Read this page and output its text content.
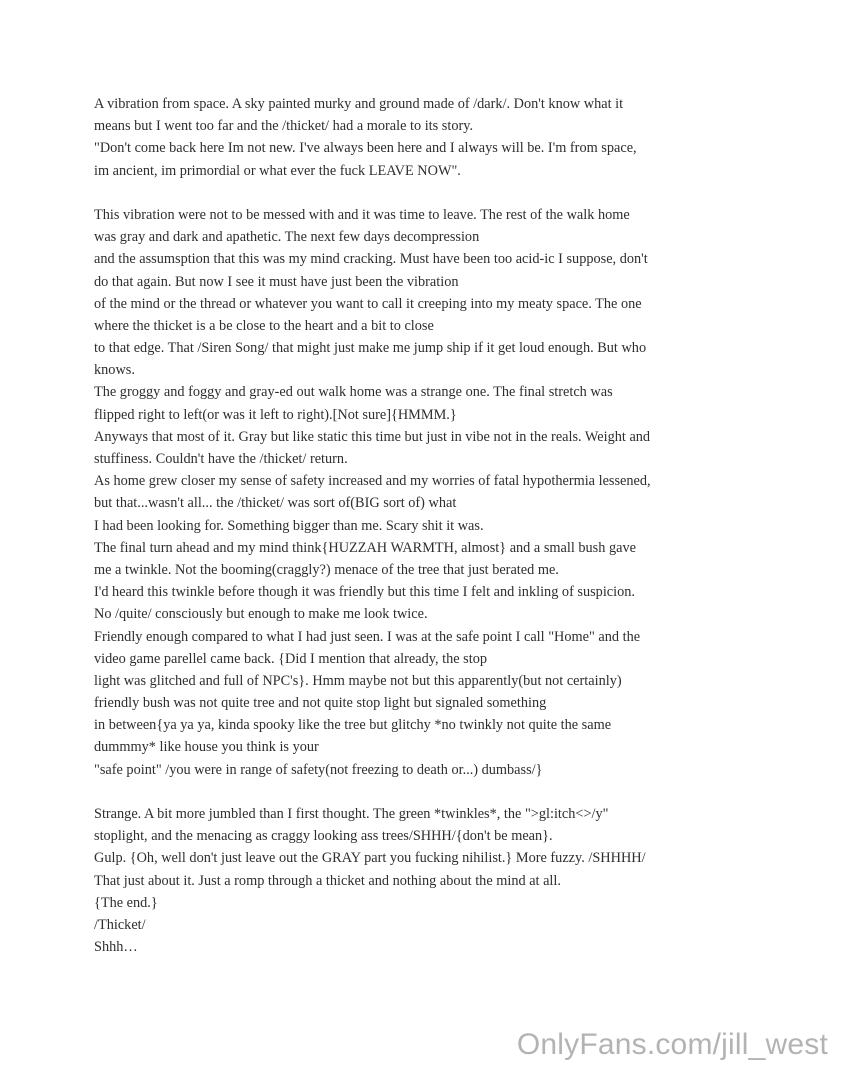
A vibration from space. A sky painted murky and ground made of /dark/. Don't know what it
means but I went too far and the /thicket/ had a morale to its story.
"Don't come back here Im not new. I've always been here and I always will be. I'm from space,
im ancient, im primordial or what ever the fuck LEAVE NOW".
This vibration were not to be messed with and it was time to leave. The rest of the walk home
was gray and dark and apathetic. The next few days decompression
and the assumsption that this was my mind cracking. Must have been too acid-ic I suppose, don't
do that again. But now I see it must have just been the vibration
of the mind or the thread or whatever you want to call it creeping into my meaty space. The one
where the thicket is a be close to the heart and a bit to close
to that edge. That /Siren Song/ that might just make me jump ship if it get loud enough. But who
knows.
The groggy and foggy and gray-ed out walk home was a strange one. The final stretch was
flipped right to left(or was it left to right).[Not sure]{HMMM.}
Anyways that most of it. Gray but like static this time but just in vibe not in the reals. Weight and
stuffiness. Couldn't have the /thicket/ return.
As home grew closer my sense of safety increased and my worries of fatal hypothermia lessened,
but that...wasn't all... the /thicket/ was sort of(BIG sort of) what
I had been looking for. Something bigger than me. Scary shit it was.
The final turn ahead and my mind think{HUZZAH WARMTH, almost} and a small bush gave
me a twinkle. Not the booming(craggly?) menace of the tree that just berated me.
I'd heard this twinkle before though it was friendly but this time I felt and inkling of suspicion.
No /quite/ consciously but enough to make me look twice.
Friendly enough compared to what I had just seen. I was at the safe point I call "Home" and the
video game parellel came back. {Did I mention that already, the stop
light was glitched and full of NPC's}. Hmm maybe not but this apparently(but not certainly)
friendly bush was not quite tree and not quite stop light but signaled something
in between{ya ya ya, kinda spooky like the tree but glitchy *no twinkly not quite the same
dummmy* like house you think is your
"safe point" /you were in range of safety(not freezing to death or...) dumbass/}
Strange. A bit more jumbled than I first thought. The green *twinkles*, the ">gl:itch<>/y"
stoplight, and the menacing as craggy looking ass trees/SHHH/{don't be mean}.
Gulp. {Oh, well don't just leave out the GRAY part you fucking nihilist.} More fuzzy. /SHHHH/
That just about it. Just a romp through a thicket and nothing about the mind at all.
{The end.}
/Thicket/
Shhh…
OnlyFans.com/jill_west
